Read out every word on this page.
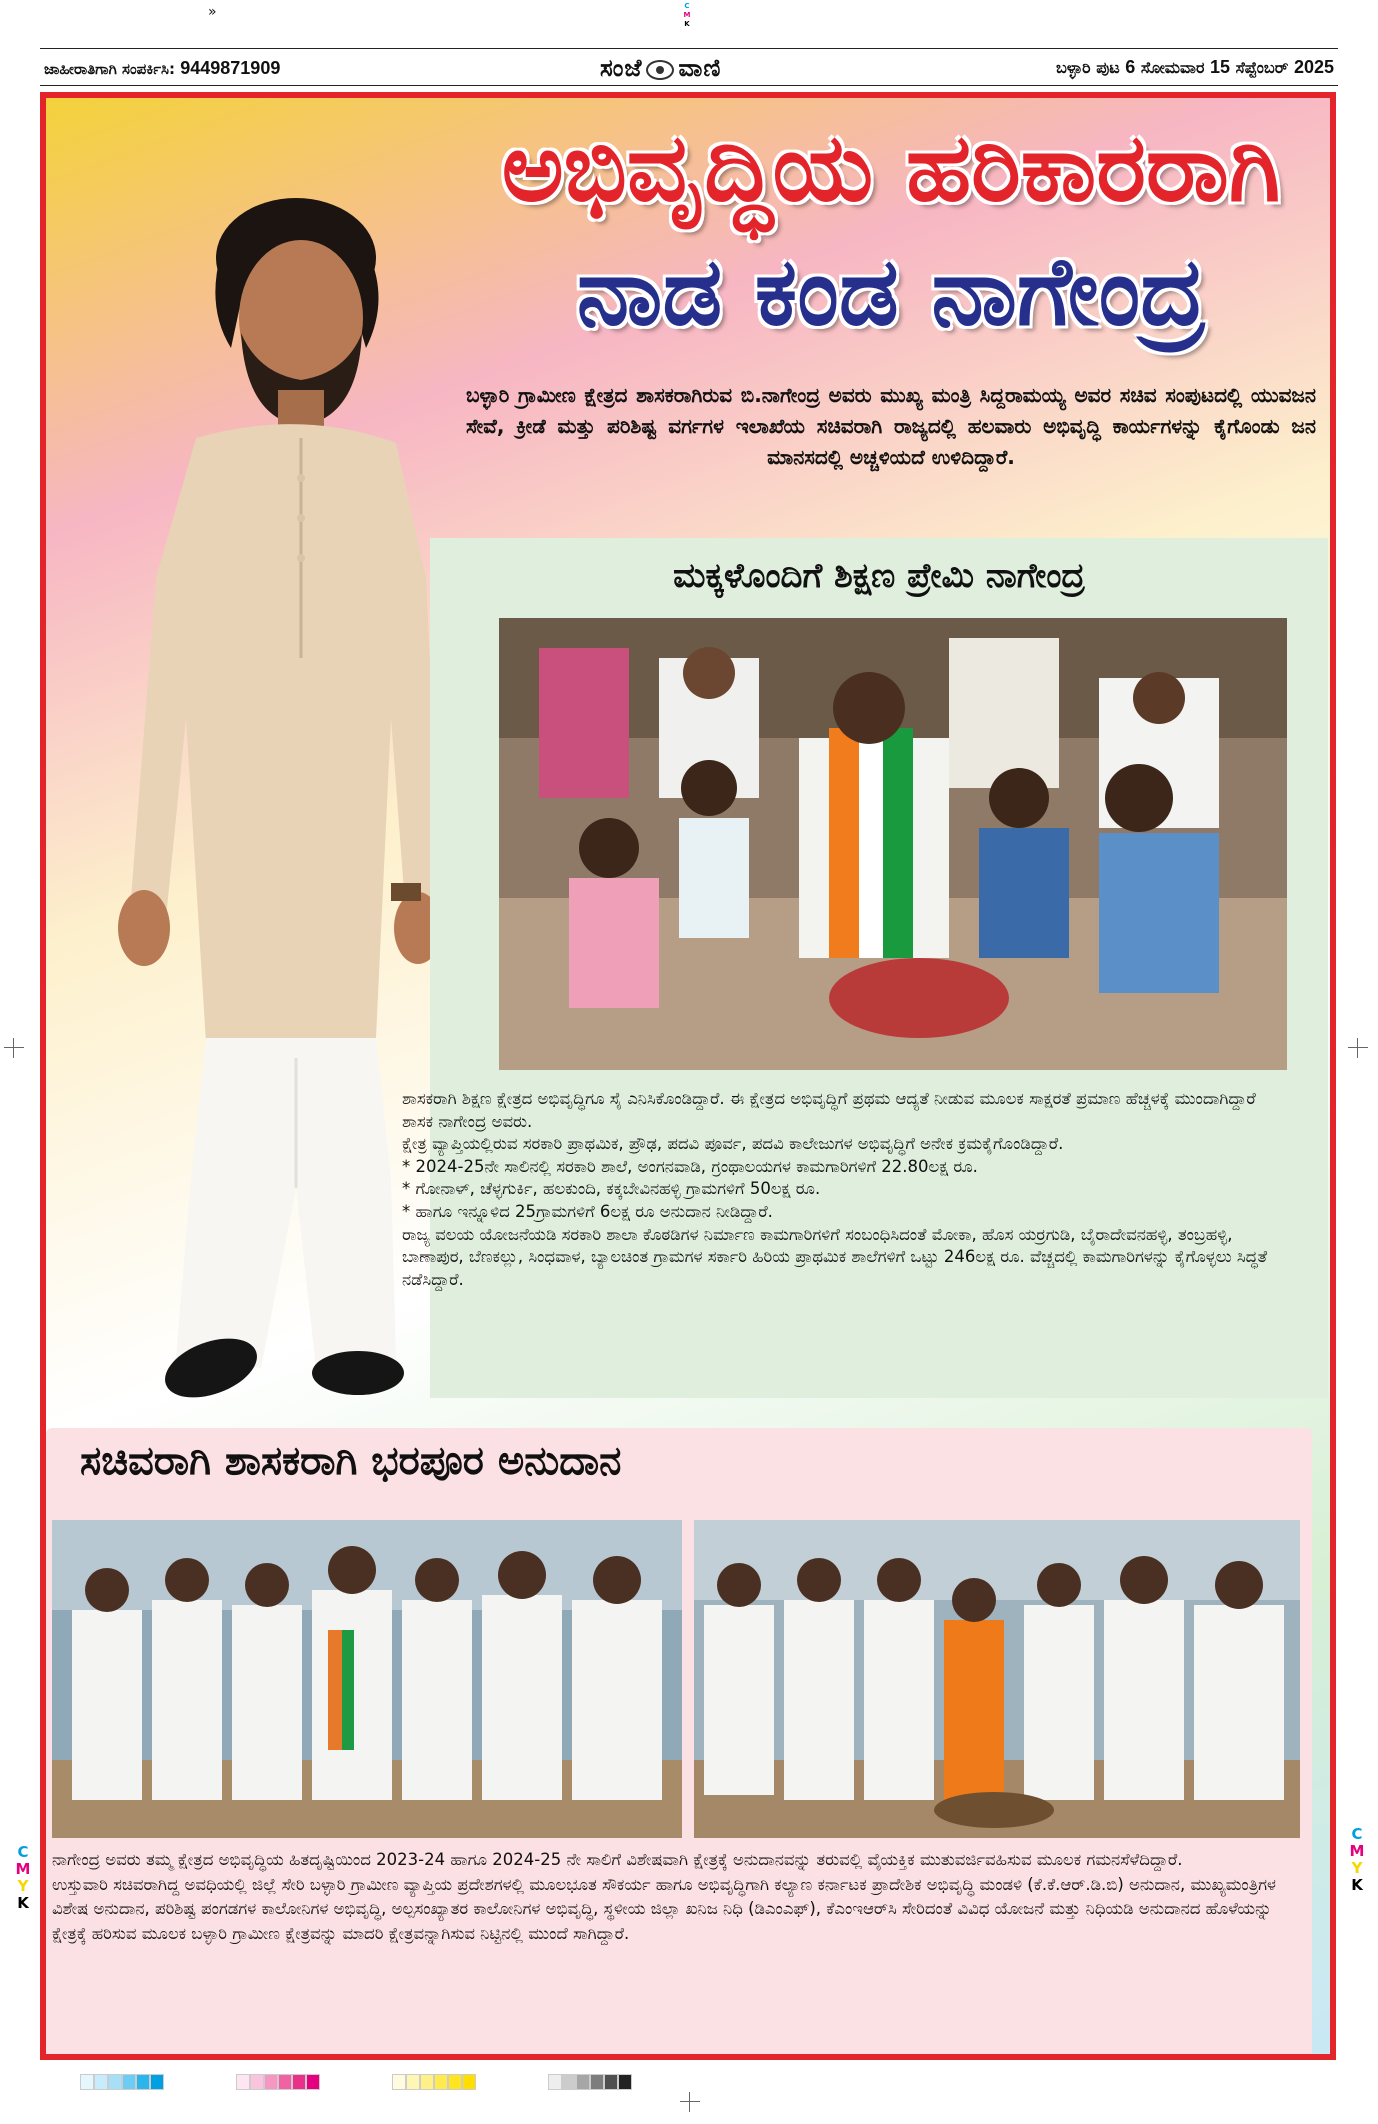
»	C
M
K
C
M
Y
K
C
M
Y
K
ಜಾಹೀರಾತಿಗಾಗಿ ಸಂಪರ್ಕಿಸಿ: 9449871909	ಸಂಜೆ ವಾಣಿ	ಬಳ್ಳಾರಿ ಪುಟ 6 ಸೋಮವಾರ 15 ಸೆಪ್ಟೆಂಬರ್ 2025
ಅಭಿವೃದ್ಧಿಯ ಹರಿಕಾರರಾಗಿ
ನಾಡ ಕಂಡ ನಾಗೇಂದ್ರ
ಬಳ್ಳಾರಿ ಗ್ರಾಮೀಣ ಕ್ಷೇತ್ರದ ಶಾಸಕರಾಗಿರುವ ಬಿ.ನಾಗೇಂದ್ರ ಅವರು ಮುಖ್ಯ ಮಂತ್ರಿ ಸಿದ್ದರಾಮಯ್ಯ ಅವರ ಸಚಿವ ಸಂಪುಟದಲ್ಲಿ ಯುವಜನ ಸೇವೆ, ಕ್ರೀಡೆ ಮತ್ತು ಪರಿಶಿಷ್ಟ ವರ್ಗಗಳ ಇಲಾಖೆಯ ಸಚಿವರಾಗಿ ರಾಜ್ಯದಲ್ಲಿ ಹಲವಾರು ಅಭಿವೃದ್ಧಿ ಕಾರ್ಯಗಳನ್ನು ಕೈಗೊಂಡು ಜನ ಮಾನಸದಲ್ಲಿ ಅಚ್ಚಳಿಯದೆ ಉಳಿದಿದ್ದಾರೆ.
ಮಕ್ಕಳೊಂದಿಗೆ ಶಿಕ್ಷಣ ಪ್ರೇಮಿ ನಾಗೇಂದ್ರ

ಶಾಸಕರಾಗಿ ಶಿಕ್ಷಣ ಕ್ಷೇತ್ರದ ಅಭಿವೃದ್ಧಿಗೂ ಸೈ ಎನಿಸಿಕೊಂಡಿದ್ದಾರೆ. ಈ ಕ್ಷೇತ್ರದ ಅಭಿವೃದ್ಧಿಗೆ ಪ್ರಥಮ ಆದ್ಯತೆ ನೀಡುವ ಮೂಲಕ ಸಾಕ್ಷರತೆ ಪ್ರಮಾಣ ಹೆಚ್ಚಳಕ್ಕೆ ಮುಂದಾಗಿದ್ದಾರೆ ಶಾಸಕ ನಾಗೇಂದ್ರ ಅವರು.

ಕ್ಷೇತ್ರ ವ್ಯಾಪ್ತಿಯಲ್ಲಿರುವ ಸರಕಾರಿ ಪ್ರಾಥಮಿಕ, ಪ್ರೌಢ, ಪದವಿ ಪೂರ್ವ, ಪದವಿ ಕಾಲೇಜುಗಳ ಅಭಿವೃದ್ಧಿಗೆ ಅನೇಕ ಕ್ರಮಕೈಗೊಂಡಿದ್ದಾರೆ.

* 2024-25ನೇ ಸಾಲಿನಲ್ಲಿ ಸರಕಾರಿ ಶಾಲೆ, ಅಂಗನವಾಡಿ, ಗ್ರಂಥಾಲಯಗಳ ಕಾಮಗಾರಿಗಳಿಗೆ 22.80ಲಕ್ಷ ರೂ.

* ಗೋನಾಳ್, ಚೆಳ್ಳಗುರ್ಕಿ, ಹಲಕುಂದಿ, ಕಕ್ಕಬೇವಿನಹಳ್ಳಿ ಗ್ರಾಮಗಳಿಗೆ 50ಲಕ್ಷ ರೂ.

* ಹಾಗೂ ಇನ್ನೂಳಿದ 25ಗ್ರಾಮಗಳಿಗೆ 6ಲಕ್ಷ ರೂ ಅನುದಾನ ನೀಡಿದ್ದಾರೆ.

ರಾಜ್ಯ ವಲಯ ಯೋಜನೆಯಡಿ ಸರಕಾರಿ ಶಾಲಾ ಕೊಠಡಿಗಳ ನಿರ್ಮಾಣ ಕಾಮಗಾರಿಗಳಿಗೆ ಸಂಬಂಧಿಸಿದಂತೆ ಮೋಕಾ, ಹೊಸ ಯರ್ರಗುಡಿ, ಬೈರಾದೇವನಹಳ್ಳಿ, ತಂಬ್ರಹಳ್ಳಿ, ಬಾಣಾಪುರ, ಬೆಣಕಲ್ಲು, ಸಿಂಧವಾಳ, ಬ್ಯಾಲಚಿಂತ ಗ್ರಾಮಗಳ ಸರ್ಕಾರಿ ಹಿರಿಯ ಪ್ರಾಥಮಿಕ ಶಾಲೆಗಳಿಗೆ ಒಟ್ಟು 246ಲಕ್ಷ ರೂ. ವೆಚ್ಚದಲ್ಲಿ ಕಾಮಗಾರಿಗಳನ್ನು ಕೈಗೊಳ್ಳಲು ಸಿದ್ಧತೆ ನಡೆಸಿದ್ದಾರೆ.

ಸಚಿವರಾಗಿ ಶಾಸಕರಾಗಿ ಭರಪೂರ ಅನುದಾನ

ನಾಗೇಂದ್ರ ಅವರು ತಮ್ಮ ಕ್ಷೇತ್ರದ ಅಭಿವೃದ್ಧಿಯ ಹಿತದೃಷ್ಟಿಯಿಂದ 2023-24 ಹಾಗೂ 2024-25 ನೇ ಸಾಲಿಗೆ ವಿಶೇಷವಾಗಿ ಕ್ಷೇತ್ರಕ್ಕೆ ಅನುದಾನವನ್ನು ತರುವಲ್ಲಿ ವೈಯಕ್ತಿಕ ಮುತುವರ್ಜಿವಹಿಸುವ ಮೂಲಕ ಗಮನಸೆಳೆದಿದ್ದಾರೆ.

ಉಸ್ತುವಾರಿ ಸಚಿವರಾಗಿದ್ದ ಅವಧಿಯಲ್ಲಿ ಜಿಲ್ಲೆ ಸೇರಿ ಬಳ್ಳಾರಿ ಗ್ರಾಮೀಣ ವ್ಯಾಪ್ತಿಯ ಪ್ರದೇಶಗಳಲ್ಲಿ ಮೂಲಭೂತ ಸೌಕರ್ಯ ಹಾಗೂ ಅಭಿವೃದ್ಧಿಗಾಗಿ ಕಲ್ಯಾಣ ಕರ್ನಾಟಕ ಪ್ರಾದೇಶಿಕ ಅಭಿವೃದ್ಧಿ ಮಂಡಳಿ (ಕೆ.ಕೆ.ಆರ್.ಡಿ.ಬಿ) ಅನುದಾನ, ಮುಖ್ಯಮಂತ್ರಿಗಳ ವಿಶೇಷ ಅನುದಾನ, ಪರಿಶಿಷ್ಟ ಪಂಗಡಗಳ ಕಾಲೋನಿಗಳ ಅಭಿವೃದ್ಧಿ, ಅಲ್ಪಸಂಖ್ಯಾತರ ಕಾಲೋನಿಗಳ ಅಭಿವೃದ್ಧಿ, ಸ್ಥಳೀಯ ಜಿಲ್ಲಾ ಖನಿಜ ನಿಧಿ (ಡಿಎಂಎಫ್), ಕೆಎಂಇಆರ್‌ಸಿ ಸೇರಿದಂತೆ ವಿವಿಧ ಯೋಜನೆ ಮತ್ತು ನಿಧಿಯಡಿ ಅನುದಾನದ ಹೊಳೆಯನ್ನು ಕ್ಷೇತ್ರಕ್ಕೆ ಹರಿಸುವ ಮೂಲಕ ಬಳ್ಳಾರಿ ಗ್ರಾಮೀಣ ಕ್ಷೇತ್ರವನ್ನು ಮಾದರಿ ಕ್ಷೇತ್ರವನ್ನಾಗಿಸುವ ನಿಟ್ಟಿನಲ್ಲಿ ಮುಂದೆ ಸಾಗಿದ್ದಾರೆ.
